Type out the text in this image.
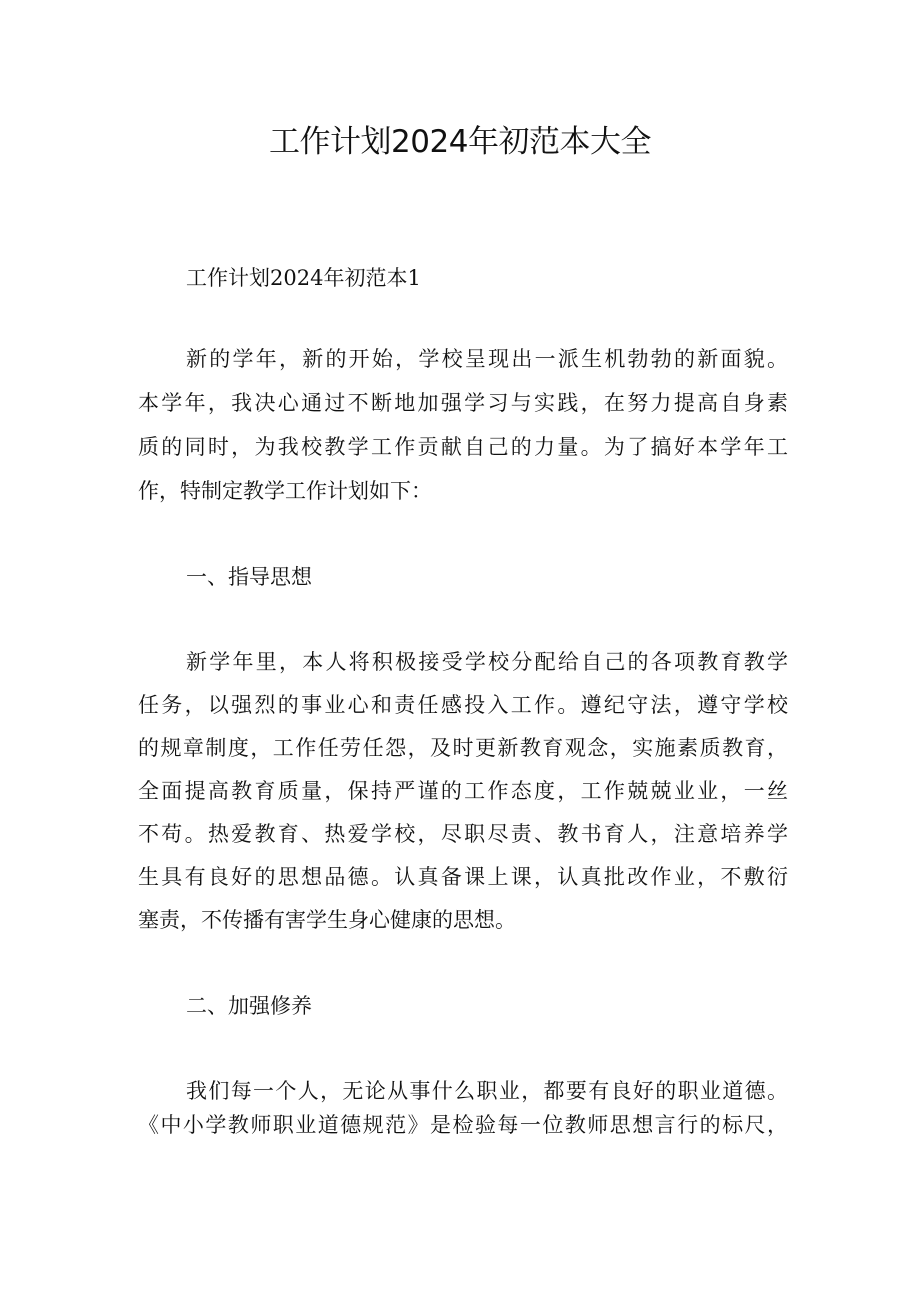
工作计划2024年初范本大全
工作计划2024年初范本1
新的学年，新的开始，学校呈现出一派生机勃勃的新面貌。
本学年，我决心通过不断地加强学习与实践，在努力提高自身素
质的同时，为我校教学工作贡献自己的力量。为了搞好本学年工
作，特制定教学工作计划如下：
一、指导思想
新学年里，本人将积极接受学校分配给自己的各项教育教学
任务，以强烈的事业心和责任感投入工作。遵纪守法，遵守学校
的规章制度，工作任劳任怨，及时更新教育观念，实施素质教育，
全面提高教育质量，保持严谨的工作态度，工作兢兢业业，一丝
不苟。热爱教育、热爱学校，尽职尽责、教书育人，注意培养学
生具有良好的思想品德。认真备课上课，认真批改作业，不敷衍
塞责，不传播有害学生身心健康的思想。
二、加强修养
我们每一个人，无论从事什么职业，都要有良好的职业道德。
《中小学教师职业道德规范》是检验每一位教师思想言行的标尺，
